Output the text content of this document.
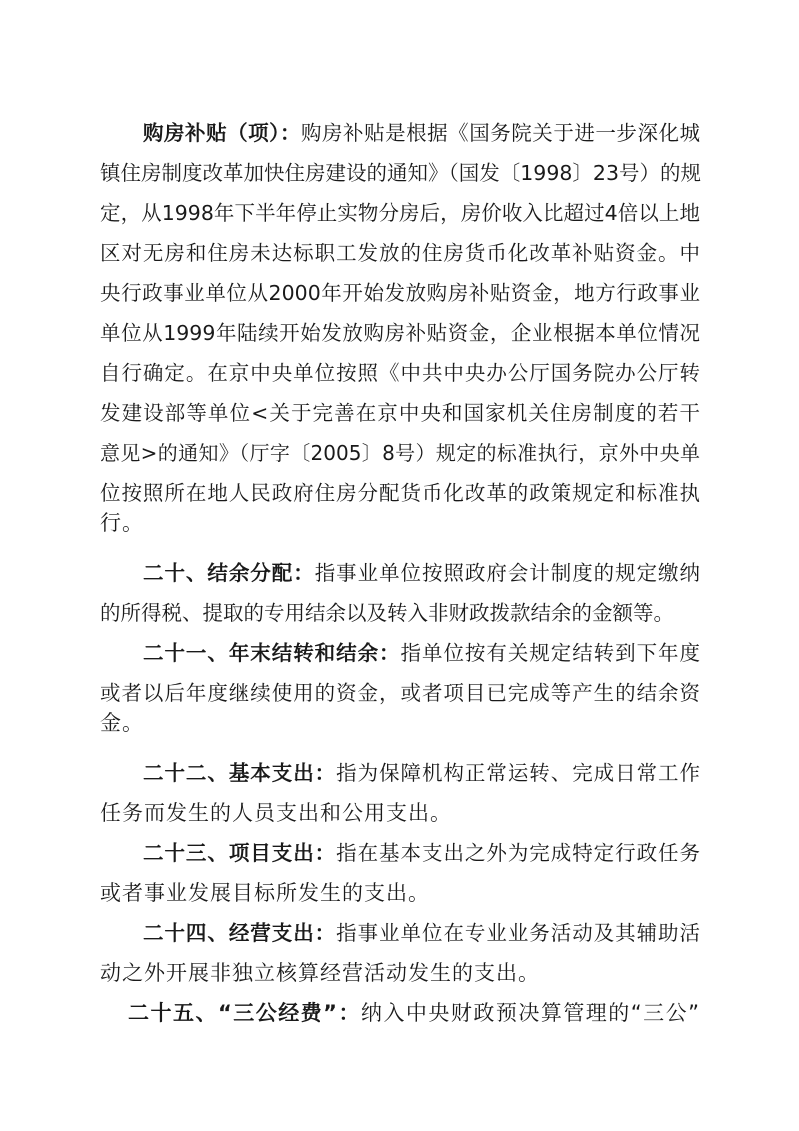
购房补贴（项）：购房补贴是根据《国务院关于进一步深化城
镇住房制度改革加快住房建设的通知》（国发〔1998〕23号）的规
定，从1998年下半年停止实物分房后，房价收入比超过4倍以上地
区对无房和住房未达标职工发放的住房货币化改革补贴资金。中
央行政事业单位从2000年开始发放购房补贴资金，地方行政事业
单位从1999年陆续开始发放购房补贴资金，企业根据本单位情况
自行确定。在京中央单位按照《中共中央办公厅国务院办公厅转
发建设部等单位<关于完善在京中央和国家机关住房制度的若干
意见>的通知》（厅字〔2005〕8号）规定的标准执行，京外中央单
位按照所在地人民政府住房分配货币化改革的政策规定和标准执
行。
二十、结余分配：指事业单位按照政府会计制度的规定缴纳
的所得税、提取的专用结余以及转入非财政拨款结余的金额等。
二十一、年末结转和结余：指单位按有关规定结转到下年度
或者以后年度继续使用的资金，或者项目已完成等产生的结余资
金。
二十二、基本支出：指为保障机构正常运转、完成日常工作
任务而发生的人员支出和公用支出。
二十三、项目支出：指在基本支出之外为完成特定行政任务
或者事业发展目标所发生的支出。
二十四、经营支出：指事业单位在专业业务活动及其辅助活
动之外开展非独立核算经营活动发生的支出。
二十五、“三公经费”：纳入中央财政预决算管理的“三公”
